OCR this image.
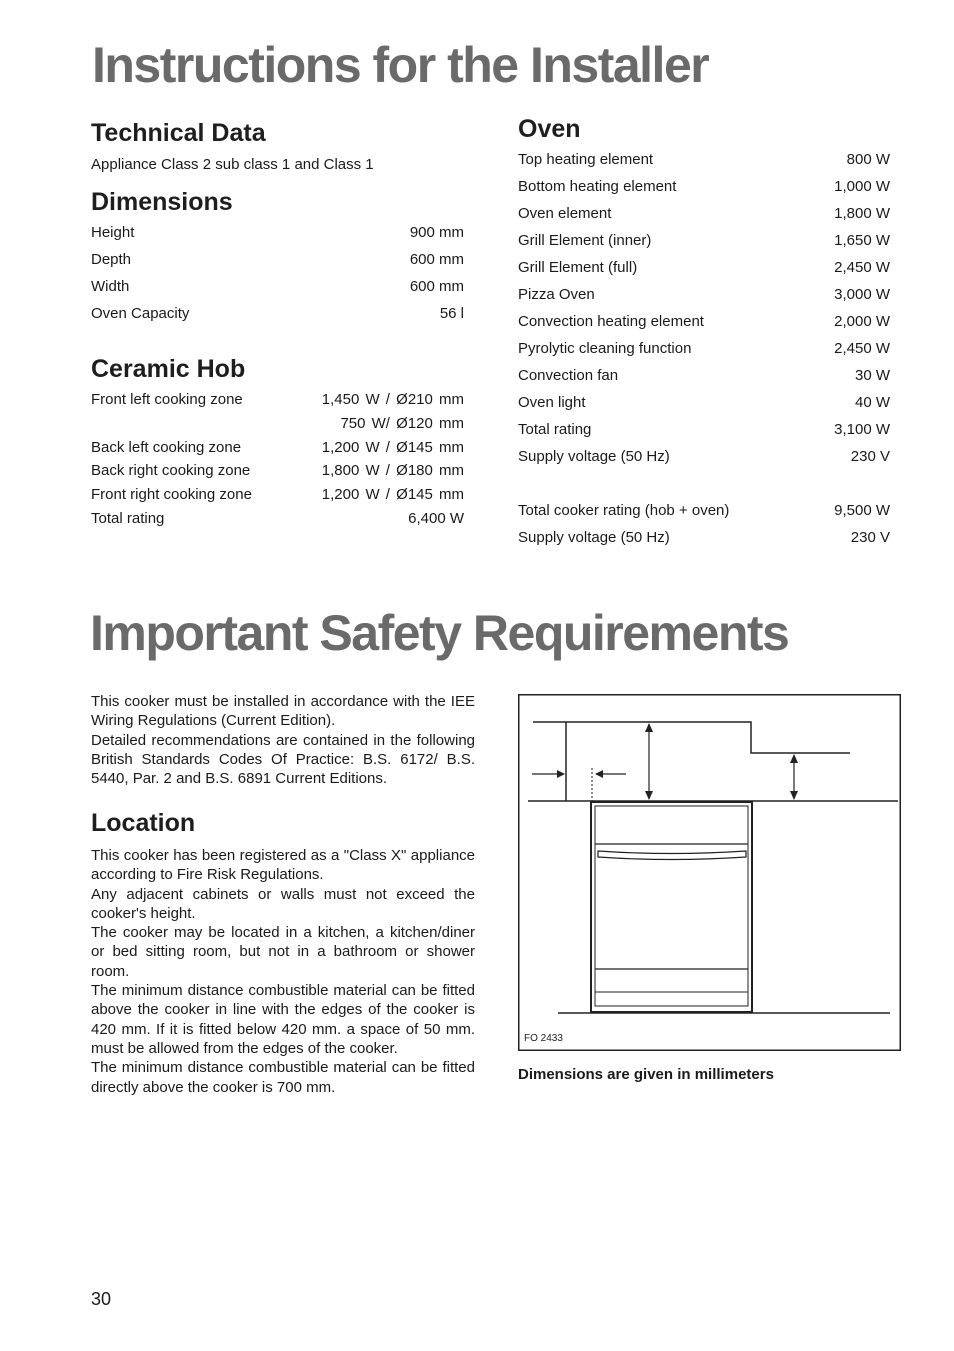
Instructions for the Installer
Technical Data
Appliance Class 2 sub class 1 and Class 1
Dimensions
Height	900 mm
Depth	600 mm
Width	600 mm
Oven Capacity	56 l
Ceramic Hob
Front left cooking zone	1,450 W / Ø210 mm
750 W/ Ø120 mm
Back left cooking zone	1,200 W / Ø145 mm
Back right cooking zone	1,800 W / Ø180 mm
Front right cooking zone	1,200 W / Ø145 mm
Total rating	6,400 W
Oven
Top heating element	800 W
Bottom heating element	1,000 W
Oven element	1,800 W
Grill Element (inner)	1,650 W
Grill Element (full)	2,450 W
Pizza Oven	3,000 W
Convection heating element	2,000 W
Pyrolytic cleaning function	2,450 W
Convection fan	30 W
Oven light	40 W
Total rating	3,100 W
Supply voltage (50 Hz)	230 V
Total cooker rating (hob + oven)	9,500 W
Supply voltage (50 Hz)	230 V
Important Safety Requirements

This cooker must be installed in accordance with the IEE Wiring Regulations (Current Edition).

Detailed recommendations are contained in the following British Standards Codes Of Practice: B.S. 6172/ B.S. 5440, Par. 2 and B.S. 6891 Current Editions.

Location

This cooker has been registered as a "Class X" appliance according to Fire Risk Regulations.

Any adjacent cabinets or walls must not exceed the cooker's height.

The cooker may be located in a kitchen, a kitchen/diner or bed sitting room, but not in a bathroom or shower room.

The minimum distance combustible material can be fitted above the cooker in line with the edges of the cooker is 420 mm. If it is fitted below 420 mm. a space of 50 mm. must be allowed from the edges of the cooker.

The minimum distance combustible material can be fitted directly above the cooker is 700 mm.

FO 2433
Dimensions are given in millimeters
30
